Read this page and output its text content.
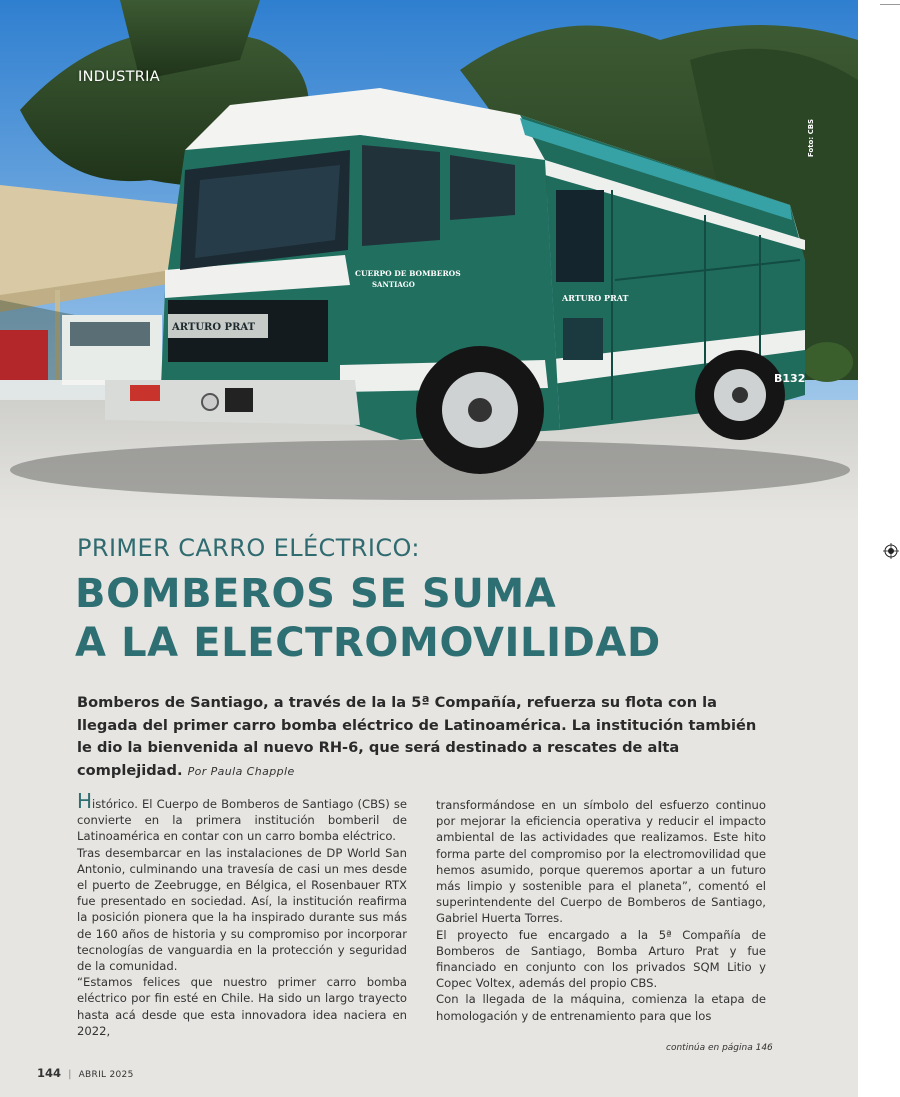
CUERPO DE BOMBEROS
SANTIAGO
ARTURO PRAT
ARTURO PRAT
B132
INDUSTRIA
Foto: CBS
PRIMER CARRO ELÉCTRICO:
BOMBEROS SE SUMA
A LA ELECTROMOVILIDAD
Bomberos de Santiago, a través de la la 5ª Compañía, refuerza su flota con la llegada del primer carro bomba eléctrico de Latinoamérica. La institución también le dio la bienvenida al nuevo RH-6, que será destinado a rescates de alta complejidad. Por Paula Chapple

Histórico. El Cuerpo de Bomberos de Santiago (CBS) se convierte en la primera institución bomberil de Latinoamérica en contar con un carro bomba eléctrico.

Tras desembarcar en las instalaciones de DP World San Antonio, culminando una travesía de casi un mes desde el puerto de Zeebrugge, en Bélgica, el Rosenbauer RTX fue presentado en sociedad. Así, la institución reafirma la posición pionera que la ha inspirado durante sus más de 160 años de historia y su compromiso por incorporar tecnologías de vanguardia en la protección y seguridad de la comunidad.

“Estamos felices que nuestro primer carro bomba eléctrico por fin esté en Chile. Ha sido un largo trayecto hasta acá desde que esta innovadora idea naciera en 2022,

transformándose en un símbolo del esfuerzo continuo por mejorar la eficiencia operativa y reducir el impacto ambiental de las actividades que realizamos. Este hito forma parte del compromiso por la electromovilidad que hemos asumido, porque queremos aportar a un futuro más limpio y sostenible para el planeta”, comentó el superintendente del Cuerpo de Bomberos de Santiago, Gabriel Huerta Torres.

El proyecto fue encargado a la 5ª Compañía de Bomberos de Santiago, Bomba Arturo Prat y fue financiado en conjunto con los privados SQM Litio y Copec Voltex, además del propio CBS.

Con la llegada de la máquina, comienza la etapa de homologación y de entrenamiento para que los

continúa en página 146
144 | ABRIL 2025
